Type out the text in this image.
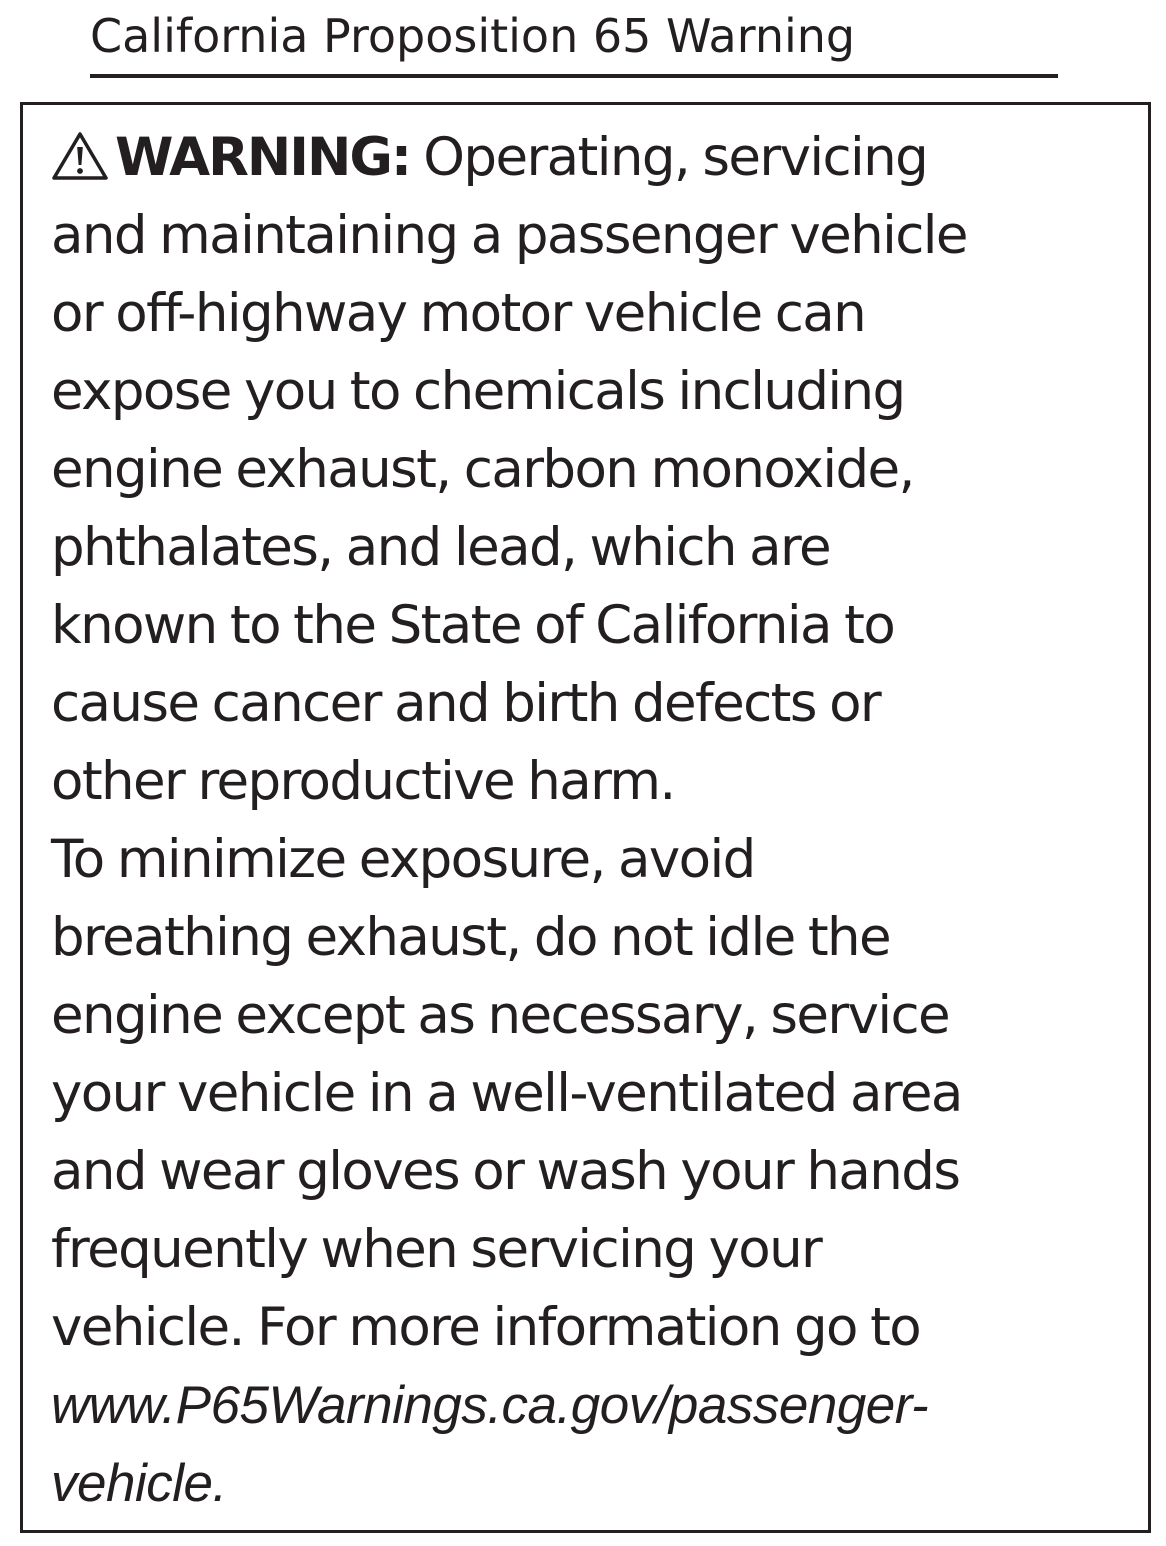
California Proposition 65 Warning
WARNING: Operating, servicing
and maintaining a passenger vehicle
or off-highway motor vehicle can
expose you to chemicals including
engine exhaust, carbon monoxide,
phthalates, and lead, which are
known to the State of California to
cause cancer and birth defects or
other reproductive harm.
To minimize exposure, avoid
breathing exhaust, do not idle the
engine except as necessary, service
your vehicle in a well-ventilated area
and wear gloves or wash your hands
frequently when servicing your
vehicle. For more information go to
www.P65Warnings.ca.gov/passenger-
vehicle.
